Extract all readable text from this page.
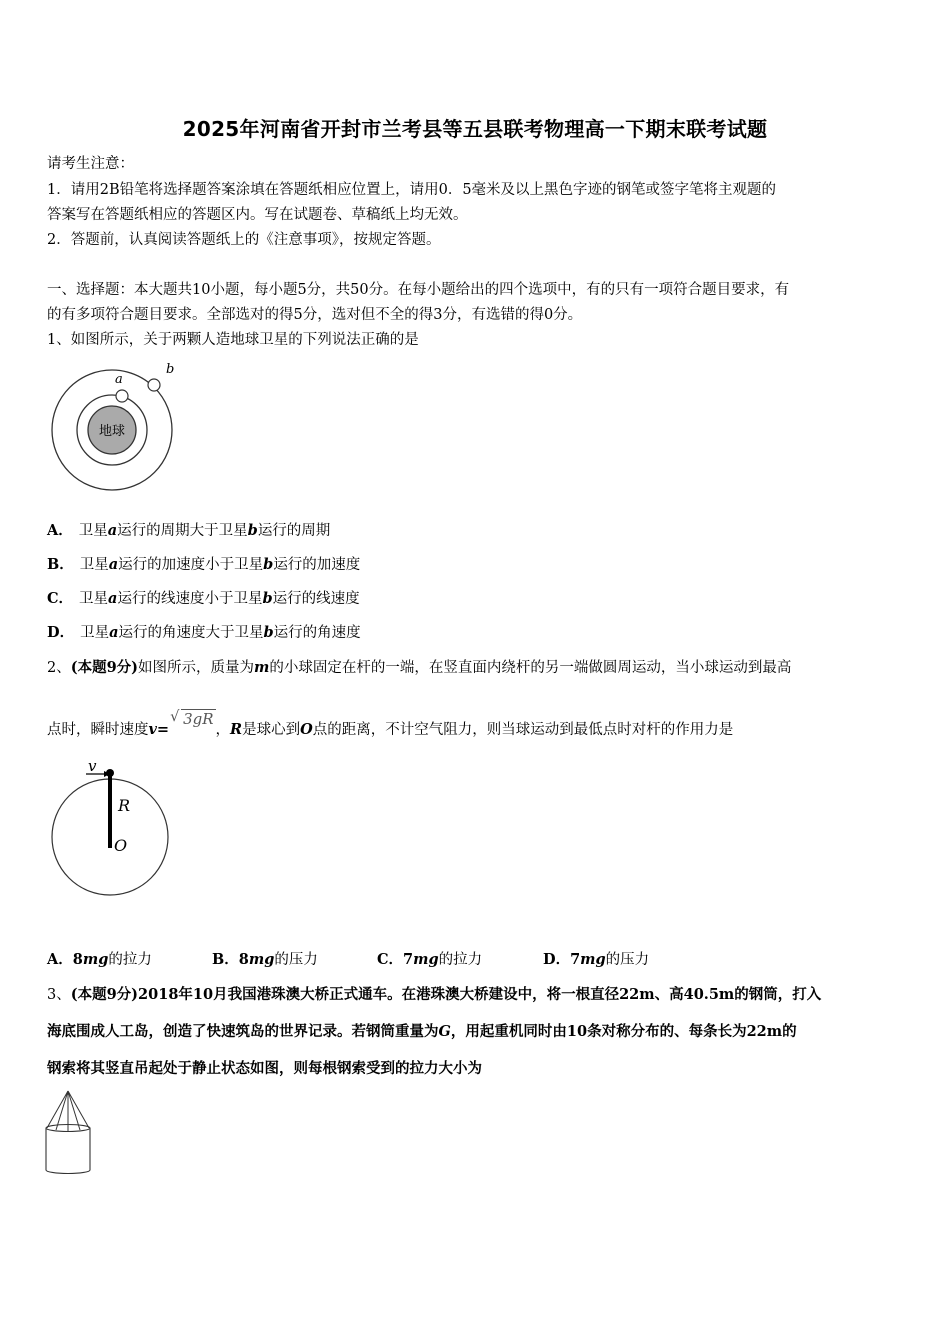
2025年河南省开封市兰考县等五县联考物理高一下期末联考试题
请考生注意：
1．请用2B铅笔将选择题答案涂填在答题纸相应位置上，请用0．5毫米及以上黑色字迹的钢笔或签字笔将主观题的
答案写在答题纸相应的答题区内。写在试题卷、草稿纸上均无效。
2．答题前，认真阅读答题纸上的《注意事项》，按规定答题。
一、选择题：本大题共10小题，每小题5分，共50分。在每小题给出的四个选项中，有的只有一项符合题目要求，有
的有多项符合题目要求。全部选对的得5分，选对但不全的得3分，有选错的得0分。
1、如图所示，关于两颗人造地球卫星的下列说法正确的是
地球
a
b
A． 卫星a运行的周期大于卫星b运行的周期
B． 卫星a运行的加速度小于卫星b运行的加速度
C． 卫星a运行的线速度小于卫星b运行的线速度
D． 卫星a运行的角速度大于卫星b运行的角速度
2、(本题9分)如图所示，质量为m的小球固定在杆的一端，在竖直面内绕杆的另一端做圆周运动，当小球运动到最高
点时，瞬时速度v=
√ 3gR，R是球心到O点的距离，不计空气阻力，则当球运动到最低点时对杆的作用力是
v
R
O
A．8mg的拉力	B．8mg的压力	C．7mg的拉力	D．7mg的压力
3、(本题9分)2018年10月我国港珠澳大桥正式通车。在港珠澳大桥建设中，将一根直径22m、高40.5m的钢筒，打入
海底围成人工岛，创造了快速筑岛的世界记录。若钢筒重量为G，用起重机同时由10条对称分布的、每条长为22m的
钢索将其竖直吊起处于静止状态如图，则每根钢索受到的拉力大小为
